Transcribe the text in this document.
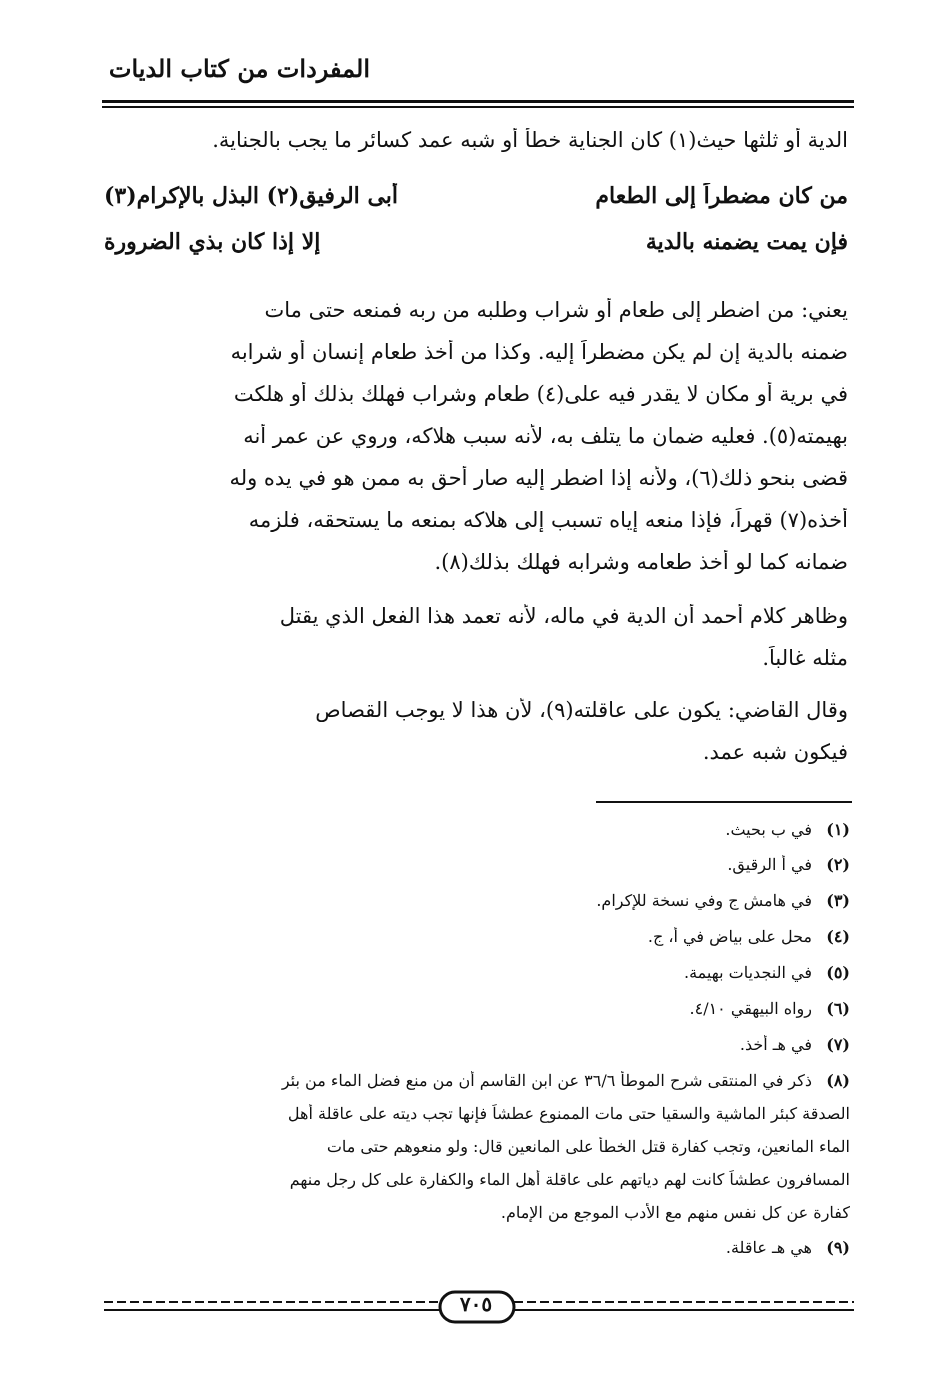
المفردات من كتاب الديات
الدية أو ثلثها حيث(١) كان الجناية خطأ أو شبه عمد كسائر ما يجب بالجناية.
من كان مضطراً إلى الطعام
أبى الرفيق(٢) البذل بالإكرام(٣)
فإن يمت يضمنه بالدية
إلا إذا كان بذي الضرورة
يعني: من اضطر إلى طعام أو شراب وطلبه من ربه فمنعه حتى مات
ضمنه بالدية إن لم يكن مضطراً إليه. وكذا من أخذ طعام إنسان أو شرابه
في برية أو مكان لا يقدر فيه على(٤) طعام وشراب فهلك بذلك أو هلكت
بهيمته(٥). فعليه ضمان ما يتلف به، لأنه سبب هلاكه، وروي عن عمر أنه
قضى بنحو ذلك(٦)، ولأنه إذا اضطر إليه صار أحق به ممن هو في يده وله
أخذه(٧) قهراً، فإذا منعه إياه تسبب إلى هلاكه بمنعه ما يستحقه، فلزمه
ضمانه كما لو أخذ طعامه وشرابه فهلك بذلك(٨).
وظاهر كلام أحمد أن الدية في ماله، لأنه تعمد هذا الفعل الذي يقتل
مثله غالباً.
وقال القاضي: يكون على عاقلته(٩)، لأن هذا لا يوجب القصاص
فيكون شبه عمد.
(١)في ب بحيث.
(٢)في أ الرقيق.
(٣)في هامش ج وفي نسخة للإكرام.
(٤)محل على بياض في أ، ج.
(٥)في النجديات بهيمة.
(٦)رواه البيهقي ٤/١٠.
(٧)في هـ أخذ.
(٨)ذكر في المنتقى شرح الموطأ ٣٦/٦ عن ابن القاسم أن من منع فضل الماء من بئر
الصدقة كبئر الماشية والسقيا حتى مات الممنوع عطشاً فإنها تجب ديته على عاقلة أهل
الماء المانعين، وتجب كفارة قتل الخطأ على المانعين قال: ولو منعوهم حتى مات
المسافرون عطشاً كانت لهم دياتهم على عاقلة أهل الماء والكفارة على كل رجل منهم
كفارة عن كل نفس منهم مع الأدب الموجع من الإمام.
(٩)هي هـ عاقلة.
٧٠٥
